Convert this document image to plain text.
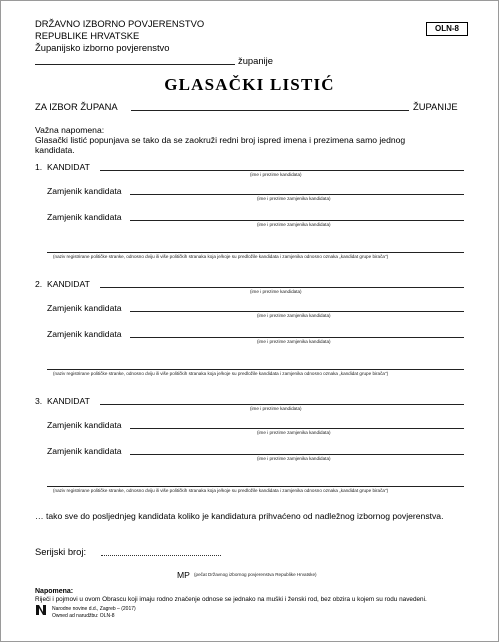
DRŽAVNO IZBORNO POVJERENSTVO
REPUBLIKE HRVATSKE
Županijsko izborno povjerenstvo
županije
OLN-8
GLASAČKI LISTIĆ
ZA IZBOR ŽUPANA	ŽUPANIJE
Važna napomena:
Glasački listić popunjava se tako da se zaokruži redni broj ispred imena i prezimena samo jednog
kandidata.
1. KANDIDAT
(ime i prezime kandidata)
Zamjenik kandidata
(ime i prezime zamjenika kandidata)
Zamjenik kandidata
(ime i prezime zamjenika kandidata)
(naziv registrirane političke stranke, odnosno dviju ili više političkih stranaka koja je/koje su predložile kandidata i zamjenika odnosno oznaka „kandidat grupe birača")
2. KANDIDAT
(ime i prezime kandidata)
Zamjenik kandidata
(ime i prezime zamjenika kandidata)
Zamjenik kandidata
(ime i prezime zamjenika kandidata)
(naziv registrirane političke stranke, odnosno dviju ili više političkih stranaka koja je/koje su predložile kandidata i zamjenika odnosno oznaka „kandidat grupe birača")
3. KANDIDAT
(ime i prezime kandidata)
Zamjenik kandidata
(ime i prezime zamjenika kandidata)
Zamjenik kandidata
(ime i prezime zamjenika kandidata)
(naziv registrirane političke stranke, odnosno dviju ili više političkih stranaka koja je/koje su predložile kandidata i zamjenika odnosno oznaka „kandidat grupe birača")
… tako sve do posljednjeg kandidata koliko je kandidatura prihvaćeno od nadležnog izbornog povjerenstva.
Serijski broj:
MP (pečat Državnog izbornog povjerenstva Republike Hrvatske)
Napomena:
Riječi i pojmovi u ovom Obrascu koji imaju rodno značenje odnose se jednako na muški i ženski rod, bez obzira u kojem su rodu navedeni.
Narodne novine d.d., Zagreb – (2017)
Owned ad narudžbu: OLN-8
